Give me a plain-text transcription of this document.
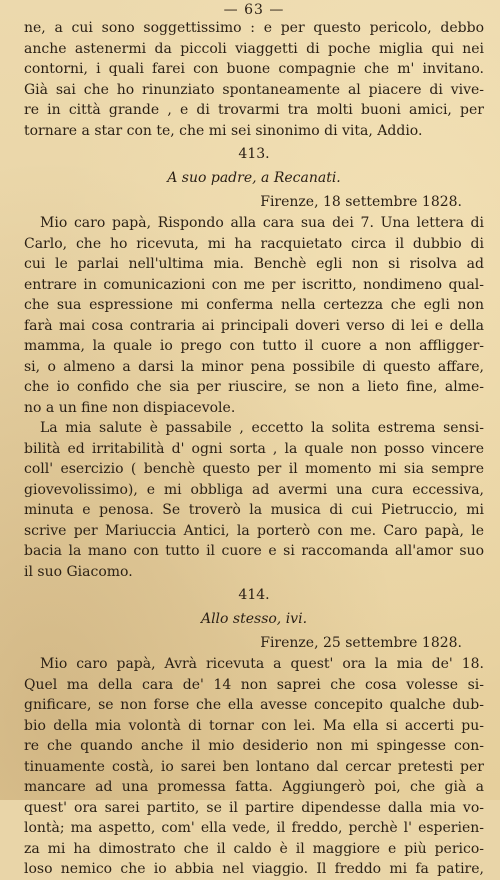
— 63 —
ne, a cui sono soggettissimo : e per questo pericolo, debbo
anche astenermi da piccoli viaggetti di poche miglia qui nei
contorni, i quali farei con buone compagnie che m' invitano.
Già sai che ho rinunziato spontaneamente al piacere di vive-
re in città grande , e di trovarmi tra molti buoni amici, per
tornare a star con te, che mi sei sinonimo di vita, Addio.
413.
A suo padre, a Recanati.
Firenze, 18 settembre 1828.
Mio caro papà, Rispondo alla cara sua dei 7. Una lettera di
Carlo, che ho ricevuta, mi ha racquietato circa il dubbio di
cui le parlai nell'ultima mia. Benchè egli non si risolva ad
entrare in comunicazioni con me per iscritto, nondimeno qual-
che sua espressione mi conferma nella certezza che egli non
farà mai cosa contraria ai principali doveri verso di lei e della
mamma, la quale io prego con tutto il cuore a non affligger-
si, o almeno a darsi la minor pena possibile di questo affare,
che io confido che sia per riuscire, se non a lieto fine, alme-
no a un fine non dispiacevole.
La mia salute è passabile , eccetto la solita estrema sensi-
bilità ed irritabilità d' ogni sorta , la quale non posso vincere
coll' esercizio ( benchè questo per il momento mi sia sempre
giovevolissimo), e mi obbliga ad avermi una cura eccessiva,
minuta e penosa. Se troverò la musica di cui Pietruccio, mi
scrive per Mariuccia Antici, la porterò con me. Caro papà, le
bacia la mano con tutto il cuore e si raccomanda all'amor suo
il suo Giacomo.
414.
Allo stesso, ivi.
Firenze, 25 settembre 1828.
Mio caro papà, Avrà ricevuta a quest' ora la mia de' 18.
Quel ma della cara de' 14 non saprei che cosa volesse si-
gnificare, se non forse che ella avesse concepito qualche dub-
bio della mia volontà di tornar con lei. Ma ella si accerti pu-
re che quando anche il mio desiderio non mi spingesse con-
tinuamente costà, io sarei ben lontano dal cercar pretesti per
mancare ad una promessa fatta. Aggiungerò poi, che già a
quest' ora sarei partito, se il partire dipendesse dalla mia vo-
lontà; ma aspetto, com' ella vede, il freddo, perchè l' esperien-
za mi ha dimostrato che il caldo è il maggiore e più perico-
loso nemico che io abbia nel viaggio. Il freddo mi fa patire,
